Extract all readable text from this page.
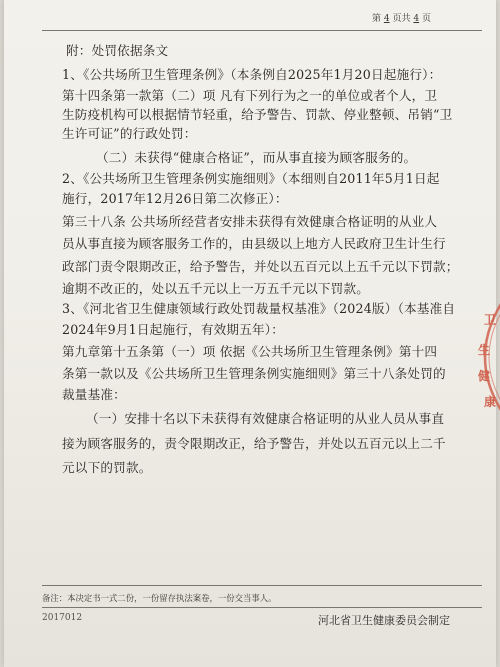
第 4 页共 4 页
附：处罚依据条文
1、《公共场所卫生管理条例》（本条例自2025年1月20日起施行）：
第十四条第一款第（二）项 凡有下列行为之一的单位或者个人，卫
生防疫机构可以根据情节轻重，给予警告、罚款、停业整顿、吊销“卫
生许可证”的行政处罚：
（二）未获得“健康合格证”，而从事直接为顾客服务的。
2、《公共场所卫生管理条例实施细则》（本细则自2011年5月1日起
施行，2017年12月26日第二次修正）：
第三十八条 公共场所经营者安排未获得有效健康合格证明的从业人
员从事直接为顾客服务工作的，由县级以上地方人民政府卫生计生行
政部门责令限期改正，给予警告，并处以五百元以上五千元以下罚款；
逾期不改正的，处以五千元以上一万五千元以下罚款。
3、《河北省卫生健康领域行政处罚裁量权基准》（2024版）（本基准自
2024年9月1日起施行，有效期五年）：
第九章第十五条第（一）项 依据《公共场所卫生管理条例》第十四
条第一款以及《公共场所卫生管理条例实施细则》第三十八条处罚的
裁量基准：
（一）安排十名以下未获得有效健康合格证明的从业人员从事直
接为顾客服务的，责令限期改正，给予警告，并处以五百元以上二千
元以下的罚款。
备注：本决定书一式二份，一份留存执法案卷，一份交当事人。
2017012	河北省卫生健康委员会制定
卫
生
健
康
